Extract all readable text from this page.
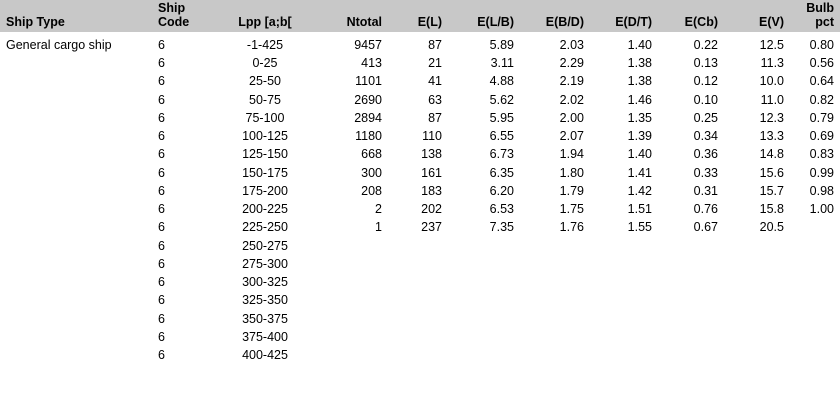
Ship Type	Ship
Code	Lpp [a;b[	Ntotal	E(L)	E(L/B)	E(B/D)	E(D/T)	E(Cb)	E(V)	Bulb
pct

General cargo ship	6	-1-425	9457	87	5.89	2.03	1.40	0.22	12.5	0.80
	6	0-25	413	21	3.11	2.29	1.38	0.13	11.3	0.56
	6	25-50	1101	41	4.88	2.19	1.38	0.12	10.0	0.64
	6	50-75	2690	63	5.62	2.02	1.46	0.10	11.0	0.82
	6	75-100	2894	87	5.95	2.00	1.35	0.25	12.3	0.79
	6	100-125	1180	110	6.55	2.07	1.39	0.34	13.3	0.69
	6	125-150	668	138	6.73	1.94	1.40	0.36	14.8	0.83
	6	150-175	300	161	6.35	1.80	1.41	0.33	15.6	0.99
	6	175-200	208	183	6.20	1.79	1.42	0.31	15.7	0.98
	6	200-225	2	202	6.53	1.75	1.51	0.76	15.8	1.00
	6	225-250	1	237	7.35	1.76	1.55	0.67	20.5	
	6	250-275								
	6	275-300								
	6	300-325								
	6	325-350								
	6	350-375								
	6	375-400								
	6	400-425								
